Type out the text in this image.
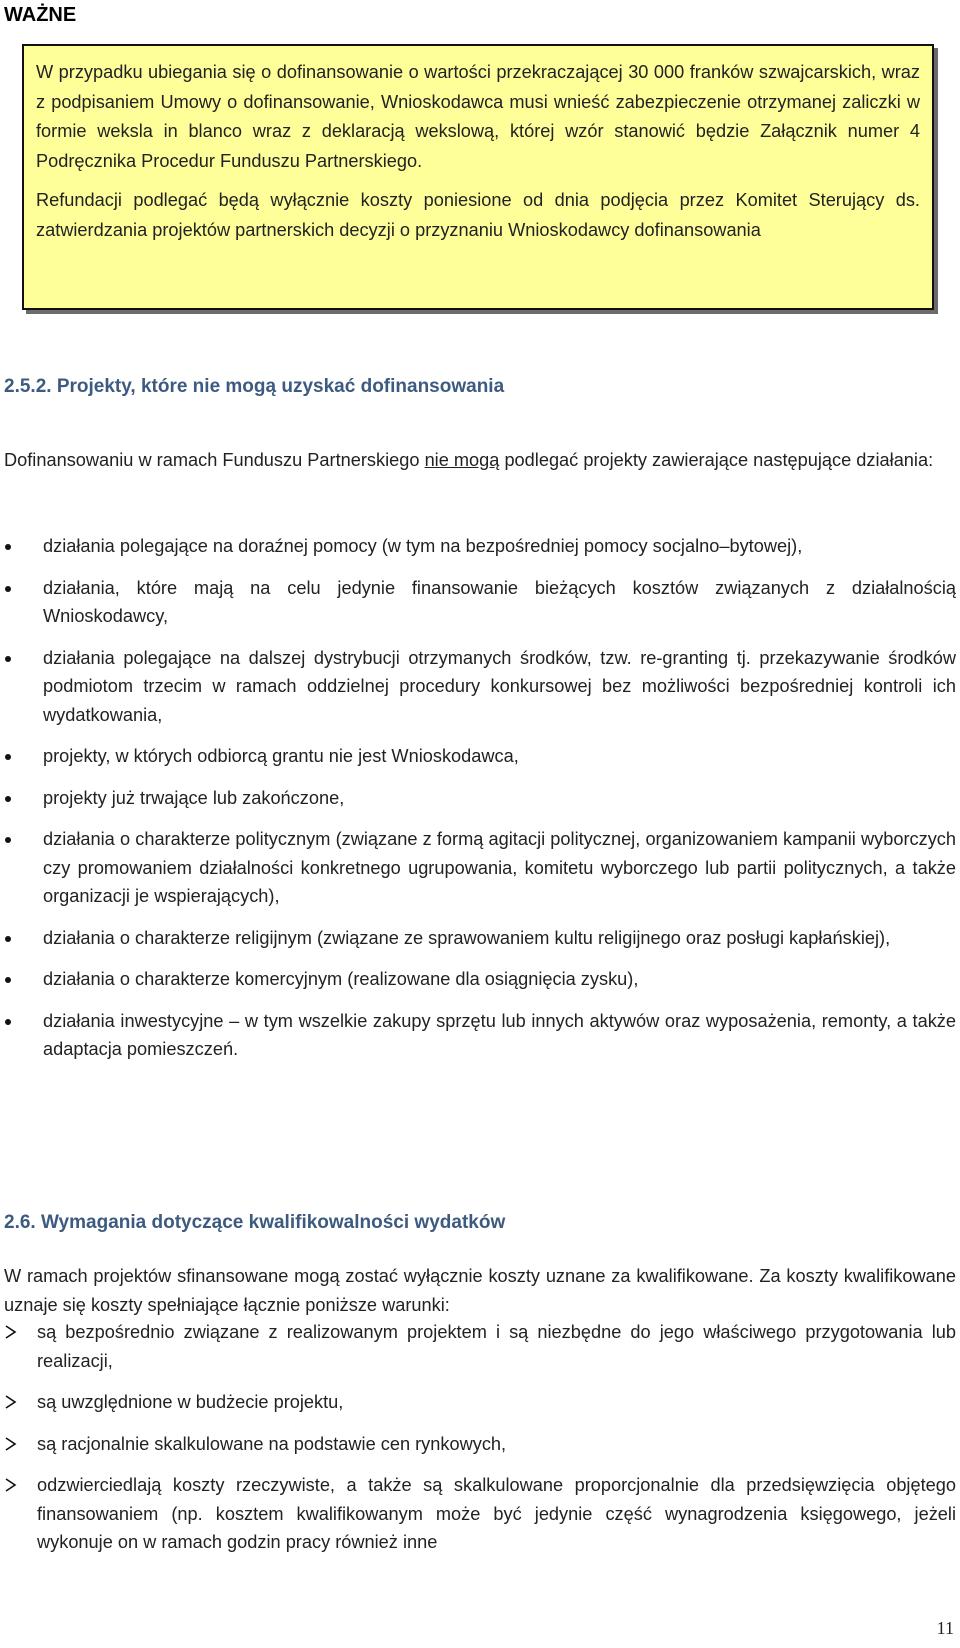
WAŻNE

W przypadku ubiegania się o dofinansowanie o wartości przekraczającej 30 000 franków szwajcarskich, wraz z podpisaniem Umowy o dofinansowanie, Wnioskodawca musi wnieść zabezpieczenie otrzymanej zaliczki w formie weksla in blanco wraz z deklaracją wekslową, której wzór stanowić będzie Załącznik numer 4 Podręcznika Procedur Funduszu Partnerskiego.

Refundacji podlegać będą wyłącznie koszty poniesione od dnia podjęcia przez Komitet Sterujący ds. zatwierdzania projektów partnerskich decyzji o przyznaniu Wnioskodawcy dofinansowania

2.5.2. Projekty, które nie mogą uzyskać dofinansowania

Dofinansowaniu w ramach Funduszu Partnerskiego nie mogą podlegać projekty zawierające następujące działania:

działania polegające na doraźnej pomocy (w tym na bezpośredniej pomocy socjalno–bytowej),
działania, które mają na celu jedynie finansowanie bieżących kosztów związanych z działalnością Wnioskodawcy,
działania polegające na dalszej dystrybucji otrzymanych środków, tzw. re-granting tj. przekazywanie środków podmiotom trzecim w ramach oddzielnej procedury konkursowej bez możliwości bezpośredniej kontroli ich wydatkowania,
projekty, w których odbiorcą grantu nie jest Wnioskodawca,
projekty już trwające lub zakończone,
działania o charakterze politycznym (związane z formą agitacji politycznej, organizowaniem kampanii wyborczych czy promowaniem działalności konkretnego ugrupowania, komitetu wyborczego lub partii politycznych, a także organizacji je wspierających),
działania o charakterze religijnym (związane ze sprawowaniem kultu religijnego oraz posługi kapłańskiej),
działania o charakterze komercyjnym (realizowane dla osiągnięcia zysku),
działania inwestycyjne – w tym wszelkie zakupy sprzętu lub innych aktywów oraz wyposażenia, remonty, a także adaptacja pomieszczeń.
2.6. Wymagania dotyczące kwalifikowalności wydatków

W ramach projektów sfinansowane mogą zostać wyłącznie koszty uznane za kwalifikowane. Za koszty kwalifikowane uznaje się koszty spełniające łącznie poniższe warunki:

są bezpośrednio związane z realizowanym projektem i są niezbędne do jego właściwego przygotowania lub realizacji,
są uwzględnione w budżecie projektu,
są racjonalnie skalkulowane na podstawie cen rynkowych,
odzwierciedlają koszty rzeczywiste, a także są skalkulowane proporcjonalnie dla przedsięwzięcia objętego finansowaniem (np. kosztem kwalifikowanym może być jedynie część wynagrodzenia księgowego, jeżeli wykonuje on w ramach godzin pracy również inne
11
